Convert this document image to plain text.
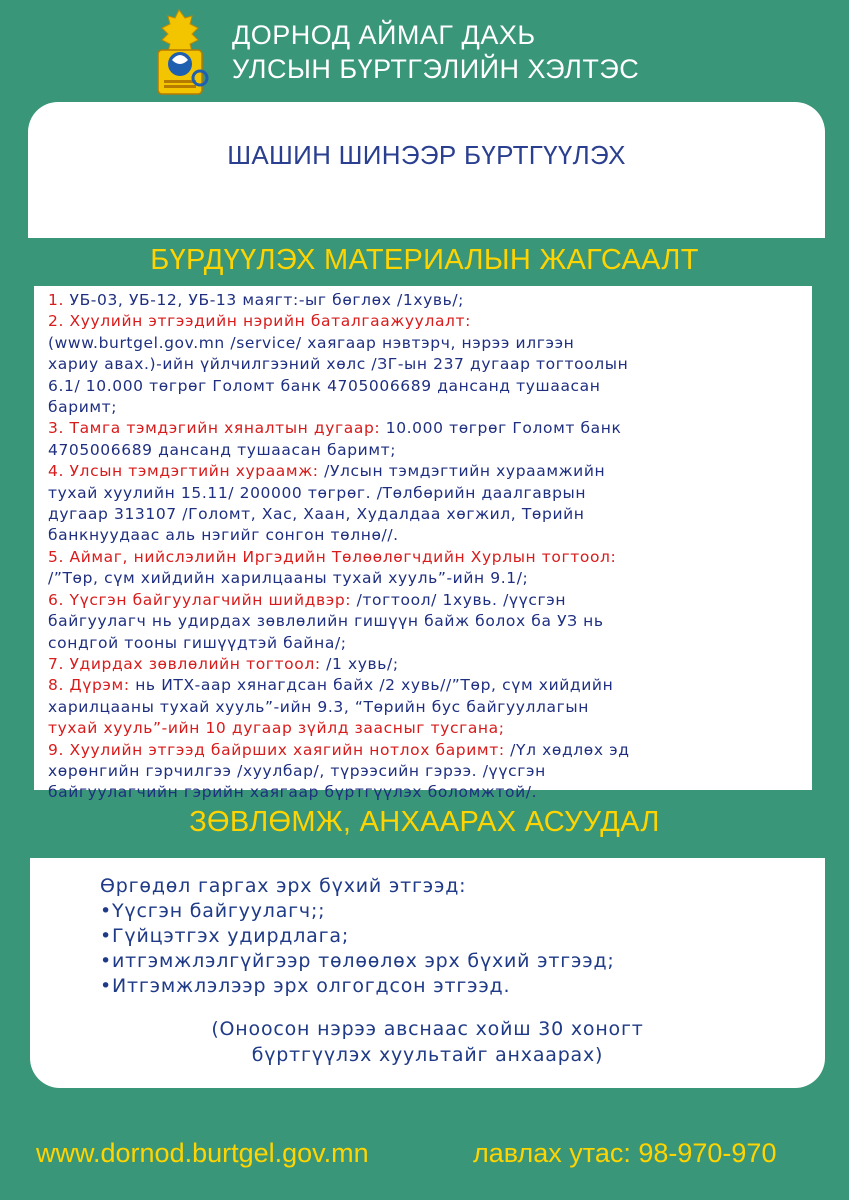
ДОРНОД АЙМАГ ДАХЬ
УЛСЫН БҮРТГЭЛИЙН ХЭЛТЭС
ШАШИН ШИНЭЭР БҮРТГҮҮЛЭХ
БҮРДҮҮЛЭХ МАТЕРИАЛЫН ЖАГСААЛТ
1. УБ-03, УБ-12, УБ-13 маягт:-ыг бөглөх /1хувь/;
2. Хуулийн этгээдийн нэрийн баталгаажуулалт:
(www.burtgel.gov.mn /service/ хаягаар нэвтэрч, нэрээ илгээн
хариу авах.)-ийн үйлчилгээний хөлс /ЗГ-ын 237 дугаар тогтоолын
6.1/ 10.000 төгрөг Голомт банк 4705006689 дансанд тушаасан
баримт;
3. Тамга тэмдэгийн хяналтын дугаар: 10.000 төгрөг Голомт банк
4705006689 дансанд тушаасан баримт;
4. Улсын тэмдэгтийн хураамж: /Улсын тэмдэгтийн хураамжийн
тухай хуулийн 15.11/ 200000 төгрөг. /Төлбөрийн даалгаврын
дугаар 313107 /Голомт, Хас, Хаан, Худалдаа хөгжил, Төрийн
банкнуудаас аль нэгийг сонгон төлнө//.
5. Аймаг, нийслэлийн Иргэдийн Төлөөлөгчдийн Хурлын тогтоол:
/”Төр, сүм хийдийн харилцааны тухай хууль”-ийн 9.1/;
6. Үүсгэн байгуулагчийн шийдвэр: /тогтоол/ 1хувь. /үүсгэн
байгуулагч нь удирдах зөвлөлийн гишүүн байж болох ба УЗ нь
сондгой тооны гишүүдтэй байна/;
7. Удирдах зөвлөлийн тогтоол: /1 хувь/;
8. Дүрэм: нь ИТХ-аар хянагдсан байх /2 хувь//”Төр, сүм хийдийн
харилцааны тухай хууль”-ийн 9.3, “Төрийн бус байгууллагын
тухай хууль”-ийн 10 дугаар зүйлд заасныг тусгана;
9. Хуулийн этгээд байрших хаягийн нотлох баримт: /Үл хөдлөх эд
хөрөнгийн гэрчилгээ /хуулбар/, түрээсийн гэрээ. /үүсгэн
байгуулагчийн гэрийн хаягаар бүртгүүлэх боломжтой/.
ЗӨВЛӨМЖ, АНХААРАХ АСУУДАЛ
Өргөдөл гаргах эрх бүхий этгээд:
•Үүсгэн байгуулагч;;
•Гүйцэтгэх удирдлага;
•итгэмжлэлгүйгээр төлөөлөх эрх бүхий этгээд;
•Итгэмжлэлээр эрх олгогдсон этгээд.
(Оноосон нэрээ авснаас хойш 30 хоногт
бүртгүүлэх хуультайг анхаарах)
www.dornod.burtgel.gov.mn	лавлах утас: 98-970-970
